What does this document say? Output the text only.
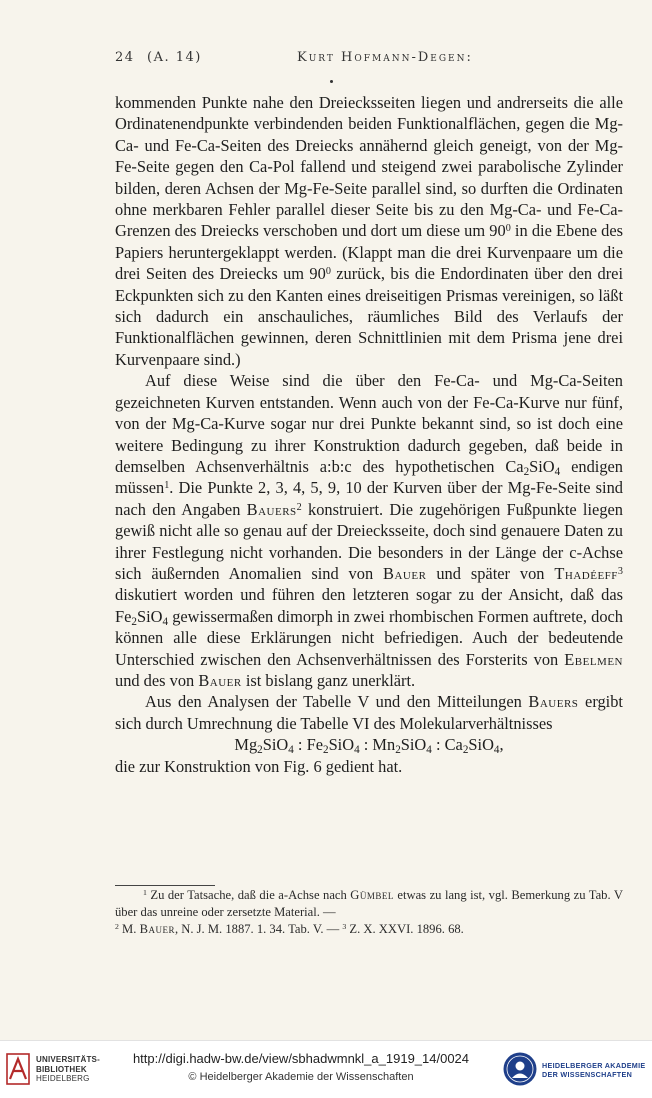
24 (A. 14)	Kurt Hofmann-Degen:

kommenden Punkte nahe den Dreiecksseiten liegen und andrerseits die alle Ordinatenendpunkte verbindenden beiden Funktionalflächen, gegen die Mg-Ca- und Fe-Ca-Seiten des Dreiecks annähernd gleich geneigt, von der Mg-Fe-Seite gegen den Ca-Pol fallend und steigend zwei parabolische Zylinder bilden, deren Achsen der Mg-Fe-Seite parallel sind, so durften die Ordinaten ohne merkbaren Fehler parallel dieser Seite bis zu den Mg-Ca- und Fe-Ca-Grenzen des Dreiecks verschoben und dort um diese um $90^0$ in die Ebene des Papiers heruntergeklappt werden. (Klappt man die drei Kurvenpaare um die drei Seiten des Dreiecks um $90^0$ zurück, bis die Endordinaten über den drei Eckpunkten sich zu den Kanten eines dreiseitigen Prismas vereinigen, so läßt sich dadurch ein anschauliches, räumliches Bild des Verlaufs der Funktionalflächen gewinnen, deren Schnittlinien mit dem Prisma jene drei Kurvenpaare sind.)

Auf diese Weise sind die über den Fe-Ca- und Mg-Ca-Seiten gezeichneten Kurven entstanden. Wenn auch von der Fe-Ca-Kurve nur fünf, von der Mg-Ca-Kurve sogar nur drei Punkte bekannt sind, so ist doch eine weitere Bedingung zu ihrer Konstruktion dadurch gegeben, daß beide in demselben Achsenverhältnis a:b:c des hypothetischen $Ca_2SiO_4$ endigen müssen$^1$. Die Punkte 2, 3, 4, 5, 9, 10 der Kurven über der Mg-Fe-Seite sind nach den Angaben Bauers$^2$ konstruiert. Die zugehörigen Fußpunkte liegen gewiß nicht alle so genau auf der Dreiecksseite, doch sind genauere Daten zu ihrer Festlegung nicht vorhanden. Die besonders in der Länge der c-Achse sich äußernden Anomalien sind von Bauer und später von Thadéeff$^3$ diskutiert worden und führen den letzteren sogar zu der Ansicht, daß das $Fe_2SiO_4$ gewissermaßen dimorph in zwei rhombischen Formen auftrete, doch können alle diese Erklärungen nicht befriedigen. Auch der bedeutende Unterschied zwischen den Achsenverhältnissen des Forsterits von Ebelmen und des von Bauer ist bislang ganz unerklärt.

Aus den Analysen der Tabelle V und den Mitteilungen Bauers ergibt sich durch Umrechnung die Tabelle VI des Molekularverhältnisses

$Mg_2SiO_4$ : $Fe_2SiO_4$ : $Mn_2SiO_4$ : $Ca_2SiO_4$,

die zur Konstruktion von Fig. 6 gedient hat.

$^1$ Zu der Tatsache, daß die a-Achse nach Gümbel etwas zu lang ist, vgl. Bemerkung zu Tab. V über das unreine oder zersetzte Material. —

$^2$ M. Bauer, N. J. M. 1887. 1. 34. Tab. V. — $^3$ Z. X. XXVI. 1896. 68.

UNIVERSITÄTS-
BIBLIOTHEK
HEIDELBERG
http://digi.hadw-bw.de/view/sbhadwmnkl_a_1919_14/0024
© Heidelberger Akademie der Wissenschaften
HEIDELBERGER AKADEMIE
DER WISSENSCHAFTEN
